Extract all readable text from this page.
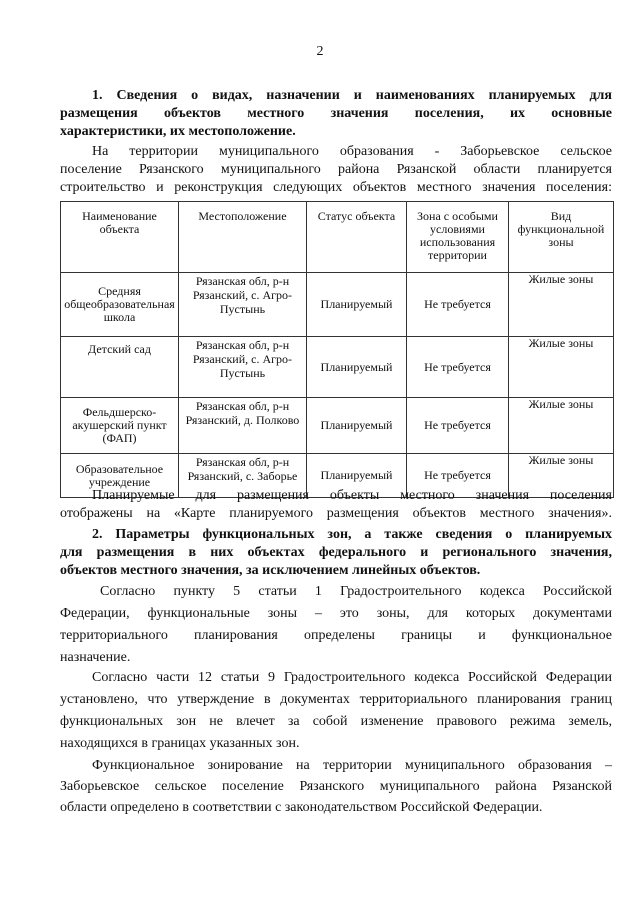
2
1. Сведения о видах, назначении и наименованиях планируемых для
размещения объектов местного значения поселения, их основные
характеристики, их местоположение.
На территории муниципального образования - Заборьевское сельское
поселение Рязанского муниципального района Рязанской области планируется
строительство и реконструкция следующих объектов местного значения поселения:
Наименование объекта	Местоположение	Статус объекта	Зона с особыми условиями использования территории	Вид функциональной зоны
Средняя общеобразовательная школа	Рязанская обл, р-н Рязанский, с. Агро-Пустынь	Планируемый	Не требуется	Жилые зоны
Детский сад	Рязанская обл, р-н Рязанский, с. Агро-Пустынь	Планируемый	Не требуется	Жилые зоны
Фельдшерско-акушерский пункт (ФАП)	Рязанская обл, р-н Рязанский, д. Полково	Планируемый	Не требуется	Жилые зоны
Образовательное учреждение	Рязанская обл, р-н Рязанский, с. Заборье	Планируемый	Не требуется	Жилые зоны
Планируемые для размещения объекты местного значения поселения
отображены на «Карте планируемого размещения объектов местного значения».
2. Параметры функциональных зон, а также сведения о планируемых
для размещения в них объектах федерального и регионального значения,
объектов местного значения, за исключением линейных объектов.
Согласно пункту 5 статьи 1 Градостроительного кодекса Российской
Федерации, функциональные зоны – это зоны, для которых документами
территориального планирования определены границы и функциональное
назначение.
Согласно части 12 статьи 9 Градостроительного кодекса Российской Федерации
установлено, что утверждение в документах территориального планирования границ
функциональных зон не влечет за собой изменение правового режима земель,
находящихся в границах указанных зон.
Функциональное зонирование на территории муниципального образования –
Заборьевское сельское поселение Рязанского муниципального района Рязанской
области определено в соответствии с законодательством Российской Федерации.
